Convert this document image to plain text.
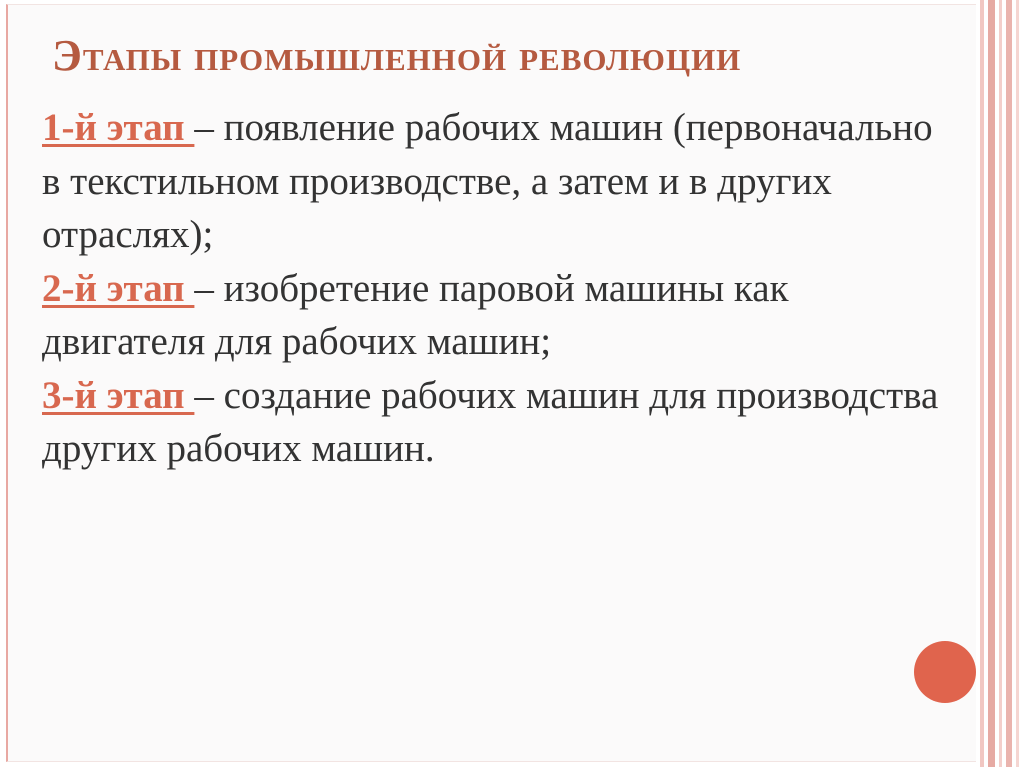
Этапы промышленной революции
1-й этап – появление рабочих машин (первоначально в текстильном производстве, а затем и в других отраслях);
2-й этап – изобретение паровой машины как двигателя для рабочих машин;
3-й этап – создание рабочих машин для производства других рабочих машин.
